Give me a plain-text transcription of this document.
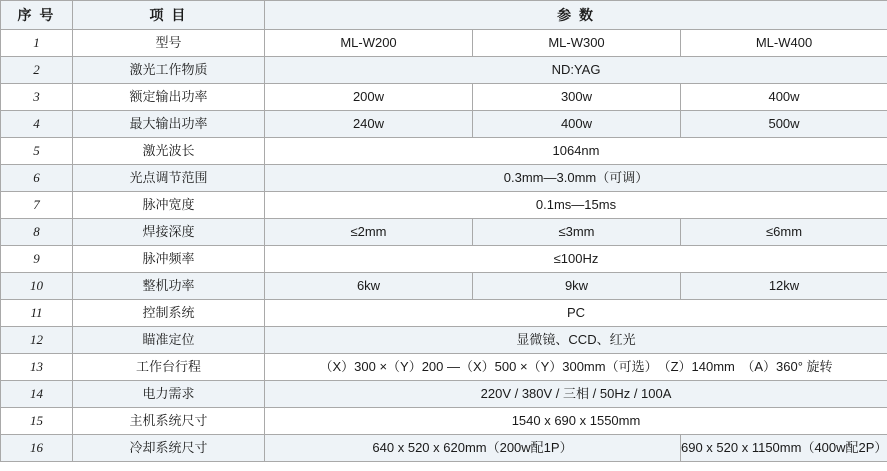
序 号	项 目	参 数		
1	型号	ML-W200	ML-W300	ML-W400
2	激光工作物质	ND:YAG		
3	额定输出功率	200w	300w	400w
4	最大输出功率	240w	400w	500w
5	激光波长	1064nm		
6	光点调节范围	0.3mm—3.0mm（可调）		
7	脉冲宽度	0.1ms—15ms		
8	焊接深度	≤2mm	≤3mm	≤6mm
9	脉冲频率	≤100Hz		
10	整机功率	6kw	9kw	12kw
11	控制系统	PC		
12	瞄准定位	显微镜、CCD、红光		
13	工作台行程	（X）300 ×（Y）200 —（X）500 ×（Y）300mm（可选）　（Z）140mm　（A）360° 旋转		
14	电力需求	220V / 380V / 三相 / 50Hz / 100A		
15	主机系统尺寸	1540 x 690 x 1550mm		
16	冷却系统尺寸	640 x 520 x 620mm（200w配1P）		690 x 520 x 1150mm（400w配2P）
